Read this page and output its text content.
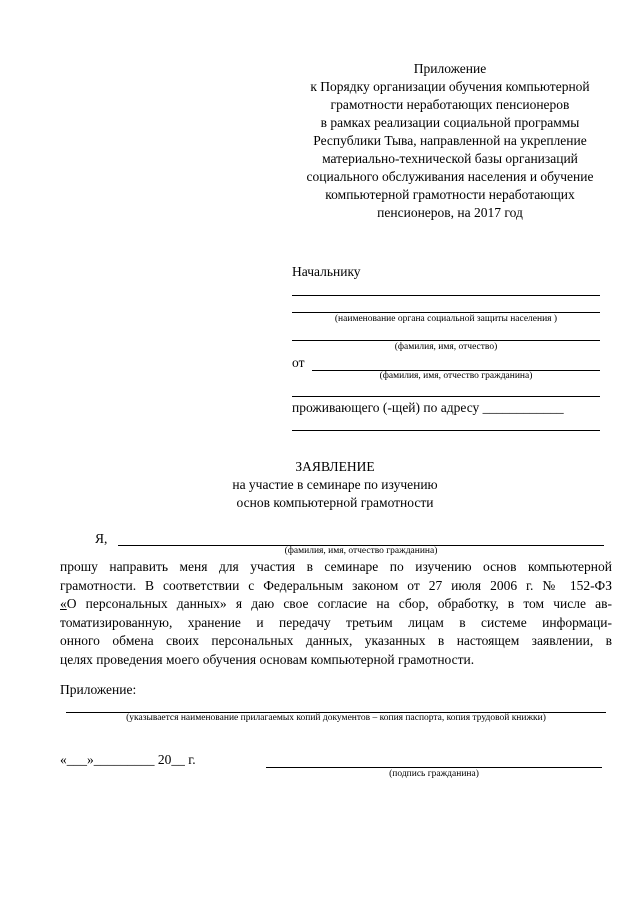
Приложение
к Порядку организации обучения компьютерной
грамотности неработающих пенсионеров
в рамках реализации социальной программы
Республики Тыва, направленной на укрепление
материально-технической базы организаций
социального обслуживания населения и обучение
компьютерной грамотности неработающих
пенсионеров, на 2017 год
Начальнику
(наименование органа социальной защиты населения )
(фамилия, имя, отчество)
от
(фамилия, имя, отчество гражданина)
проживающего (-щей) по адресу ____________
ЗАЯВЛЕНИЕ
на участие в семинаре по изучению
основ компьютерной грамотности
Я,
(фамилия, имя, отчество гражданина)
прошу направить меня для участия в семинаре по изучению основ компьютерной
грамотности. В соответствии с Федеральным законом от 27 июля 2006 г. № 152-ФЗ
«О персональных данных» я даю свое согласие на сбор, обработку, в том числе ав-
томатизированную, хранение и передачу третьим лицам в системе информаци-
онного обмена своих персональных данных, указанных в настоящем заявлении, в
целях проведения моего обучения основам компьютерной грамотности.
Приложение:
(указывается наименование прилагаемых копий документов – копия паспорта, копия трудовой книжки)
«___»_________ 20__ г.
(подпись гражданина)
